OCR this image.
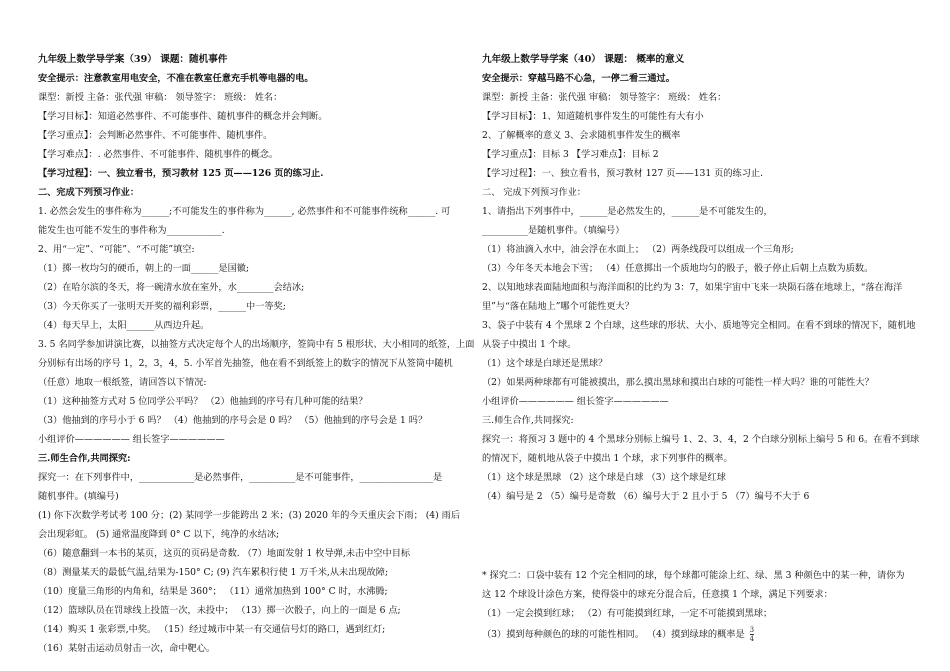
九年级上数学导学案（39） 课题：随机事件
安全提示：注意教室用电安全，不准在教室任意充手机等电器的电。
课型：新授 主备：张代强 审稿： 领导签字： 班级： 姓名：
【学习目标】：知道必然事件、不可能事件、随机事件的概念并会判断。
【学习重点】：会判断必然事件、不可能事件、随机事件。
【学习难点】：. 必然事件、不可能事件、随机事件的概念。
【学习过程】：一、独立看书，预习教材 125 页——126 页的练习止.
二、完成下列预习作业：
1. 必然会发生的事件称为______;不可能发生的事件称为______, 必然事件和不可能事件统称______. 可
能发生也可能不发生的事件称为____________.
2、用“一定”、“可能”、“不可能”填空:
（1）掷一枚均匀的硬币，朝上的一面______是国徽;
（2）在哈尔滨的冬天，将一碗清水放在室外，水________会结冰;
（3）今天你买了一张明天开奖的福利彩票，______中一等奖;
（4）每天早上，太阳______从西边升起。
3. 5 名同学参加讲演比赛，以抽签方式决定每个人的出场顺序，签筒中有 5 根形状、大小相同的纸签，上面
分别标有出场的序号 1，2，3，4，5. 小军首先抽签，他在看不到纸签上的数字的情况下从签筒中随机
（任意）地取一根纸签，请回答以下情况:
（1）这种抽签方式对 5 位同学公平吗？ （2）他抽到的序号有几种可能的结果？
（3）他抽到的序号小于 6 吗？ （4）他抽到的序号会是 0 吗？ （5）他抽到的序号会是 1 吗？
小组评价—————— 组长签字——————
三.师生合作,共同探究:
探究一：在下列事件中，____________是必然事件，__________是不可能事件，________________是
随机事件。(填编号)
(1) 你下次数学考试考 100 分；(2) 某同学一步能跨出 2 米；(3) 2020 年的今天重庆会下雨； (4) 雨后
会出现彩虹。 (5) 通常温度降到 0° C 以下，纯净的水结冰;
（6）随意翻到一本书的某页，这页的页码是奇数. （7）地面发射 1 枚导弹,未击中空中目标
（8）测量某天的最低气温,结果为-150° C; (9) 汽车累积行使 1 万千米,从未出现故障;
（10）度量三角形的内角和，结果是 360°； （11）通常加热到 100° C 时，水沸腾;
（12）篮球队员在罚球线上投篮一次，未投中； （13）掷一次骰子，向上的一面是 6 点;
（14）购买 1 张彩票,中奖。 （15）经过城市中某一有交通信号灯的路口，遇到红灯;
（16）某射击运动员射击一次，命中靶心。
九年级上数学导学案（40） 课题： 概率的意义
安全提示：穿越马路不心急，一停二看三通过。
课型：新授 主备：张代强 审稿： 领导签字： 班级： 姓名：
【学习目标】：1、知道随机事件发生的可能性有大有小
2、了解概率的意义 3、会求随机事件发生的概率
【学习重点】：目标 3 【学习难点】：目标 2
【学习过程】：一、独立看书，预习教材 127 页——131 页的练习止.
二、 完成下列预习作业：
1、请指出下列事件中，______是必然发生的，______是不可能发生的，
__________是随机事件。（填编号）
（1）将油滴入水中，油会浮在水面上； （2）两条线段可以组成一个三角形;
（3）今年冬天本地会下雪； （4）任意掷出一个质地均匀的骰子，骰子停止后朝上点数为质数。
2、以知地球表面陆地面积与海洋面积的比约为 3：7，如果宇宙中飞来一块陨石落在地球上，“落在海洋
里”与“落在陆地上”哪个可能性更大？
3、袋子中装有 4 个黑球 2 个白球，这些球的形状、大小、质地等完全相同。在看不到球的情况下，随机地
从袋子中摸出 1 个球。
（1）这个球是白球还是黑球？
（2）如果两种球都有可能被摸出，那么摸出黑球和摸出白球的可能性一样大吗？谁的可能性大？
小组评价—————— 组长签字——————
三.师生合作,共同探究:
探究一：将预习 3 题中的 4 个黑球分别标上编号 1、2、3、4，2 个白球分别标上编号 5 和 6。在看不到球
的情况下，随机地从袋子中摸出 1 个球，求下列事件的概率。
（1）这个球是黑球 （2）这个球是白球 （3）这个球是红球
（4）编号是 2 （5）编号是奇数 （6）编号大于 2 且小于 5 （7）编号不大于 6
* 探究二：口袋中装有 12 个完全相同的球，每个球都可能涂上红、绿、黑 3 种颜色中的某一种，请你为
这 12 个球设计涂色方案，使得袋中的球充分混合后，任意摸 1 个球，满足下列要求：
（1）一定会摸到红球； （2）有可能摸到红球，一定不可能摸到黑球；
（3）摸到每种颜色的球的可能性相同。 （4）摸到绿球的概率是 $\frac{3}{4}$
